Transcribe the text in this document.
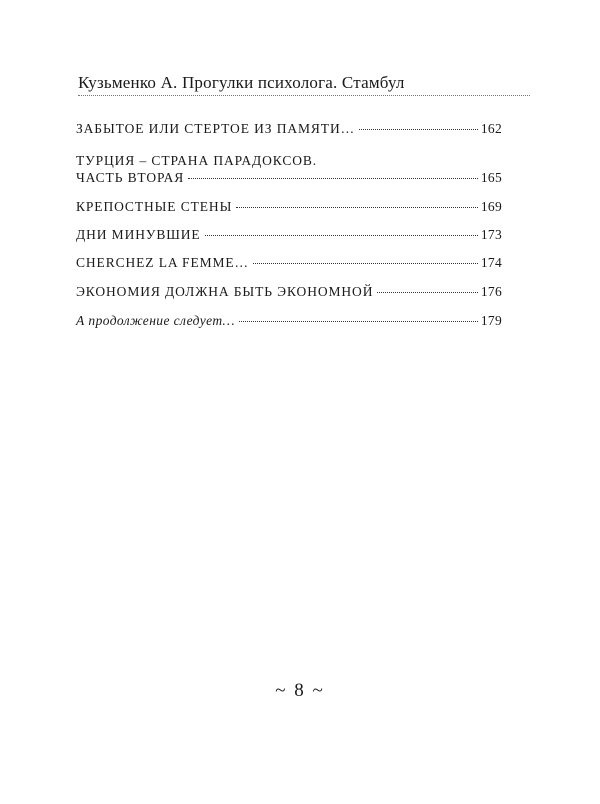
Кузьменко А. Прогулки психолога. Стамбул
ЗАБЫТОЕ ИЛИ СТЕРТОЕ ИЗ ПАМЯТИ…	162
ТУРЦИЯ – СТРАНА ПАРАДОКСОВ.
ЧАСТЬ ВТОРАЯ	165
КРЕПОСТНЫЕ СТЕНЫ	169
ДНИ МИНУВШИЕ	173
CHERCHEZ LA FEMME…	174
ЭКОНОМИЯ ДОЛЖНА БЫТЬ ЭКОНОМНОЙ	176
А продолжение следует…	179
~ 8 ~
